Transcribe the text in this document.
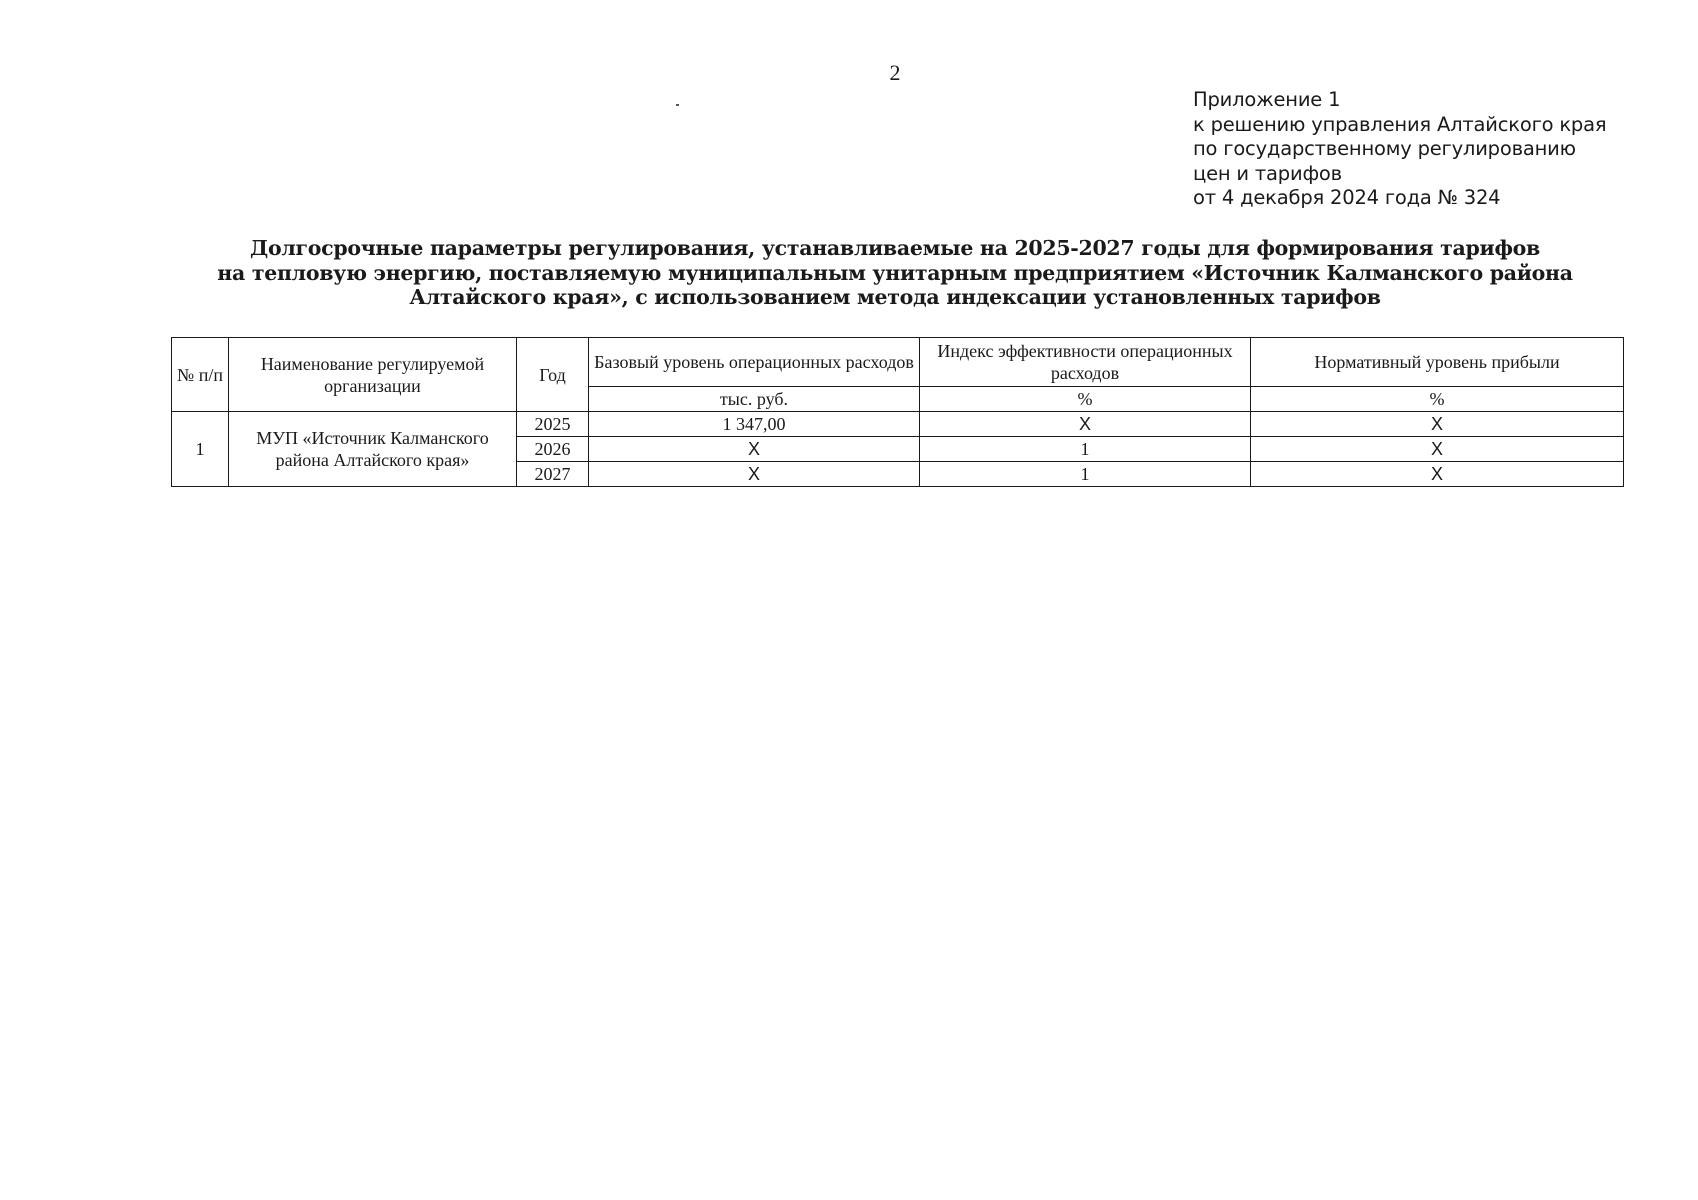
2
Приложение 1
к решению управления Алтайского края
по государственному регулированию
цен и тарифов
от 4 декабря 2024 года № 324
Долгосрочные параметры регулирования, устанавливаемые на 2025-2027 годы для формирования тарифов
на тепловую энергию, поставляемую муниципальным унитарным предприятием «Источник Калманского района
Алтайского края», с использованием метода индексации установленных тарифов
№ п/п	Наименование регулируемой организации	Год	Базовый уровень операционных расходов	Индекс эффективности операционных расходов	Нормативный уровень прибыли
			тыс. руб.	%	%
1	МУП «Источник Калманского района Алтайского края»	2025	1 347,00	Х	Х
		2026	Х	1	Х
		2027	Х	1	Х
